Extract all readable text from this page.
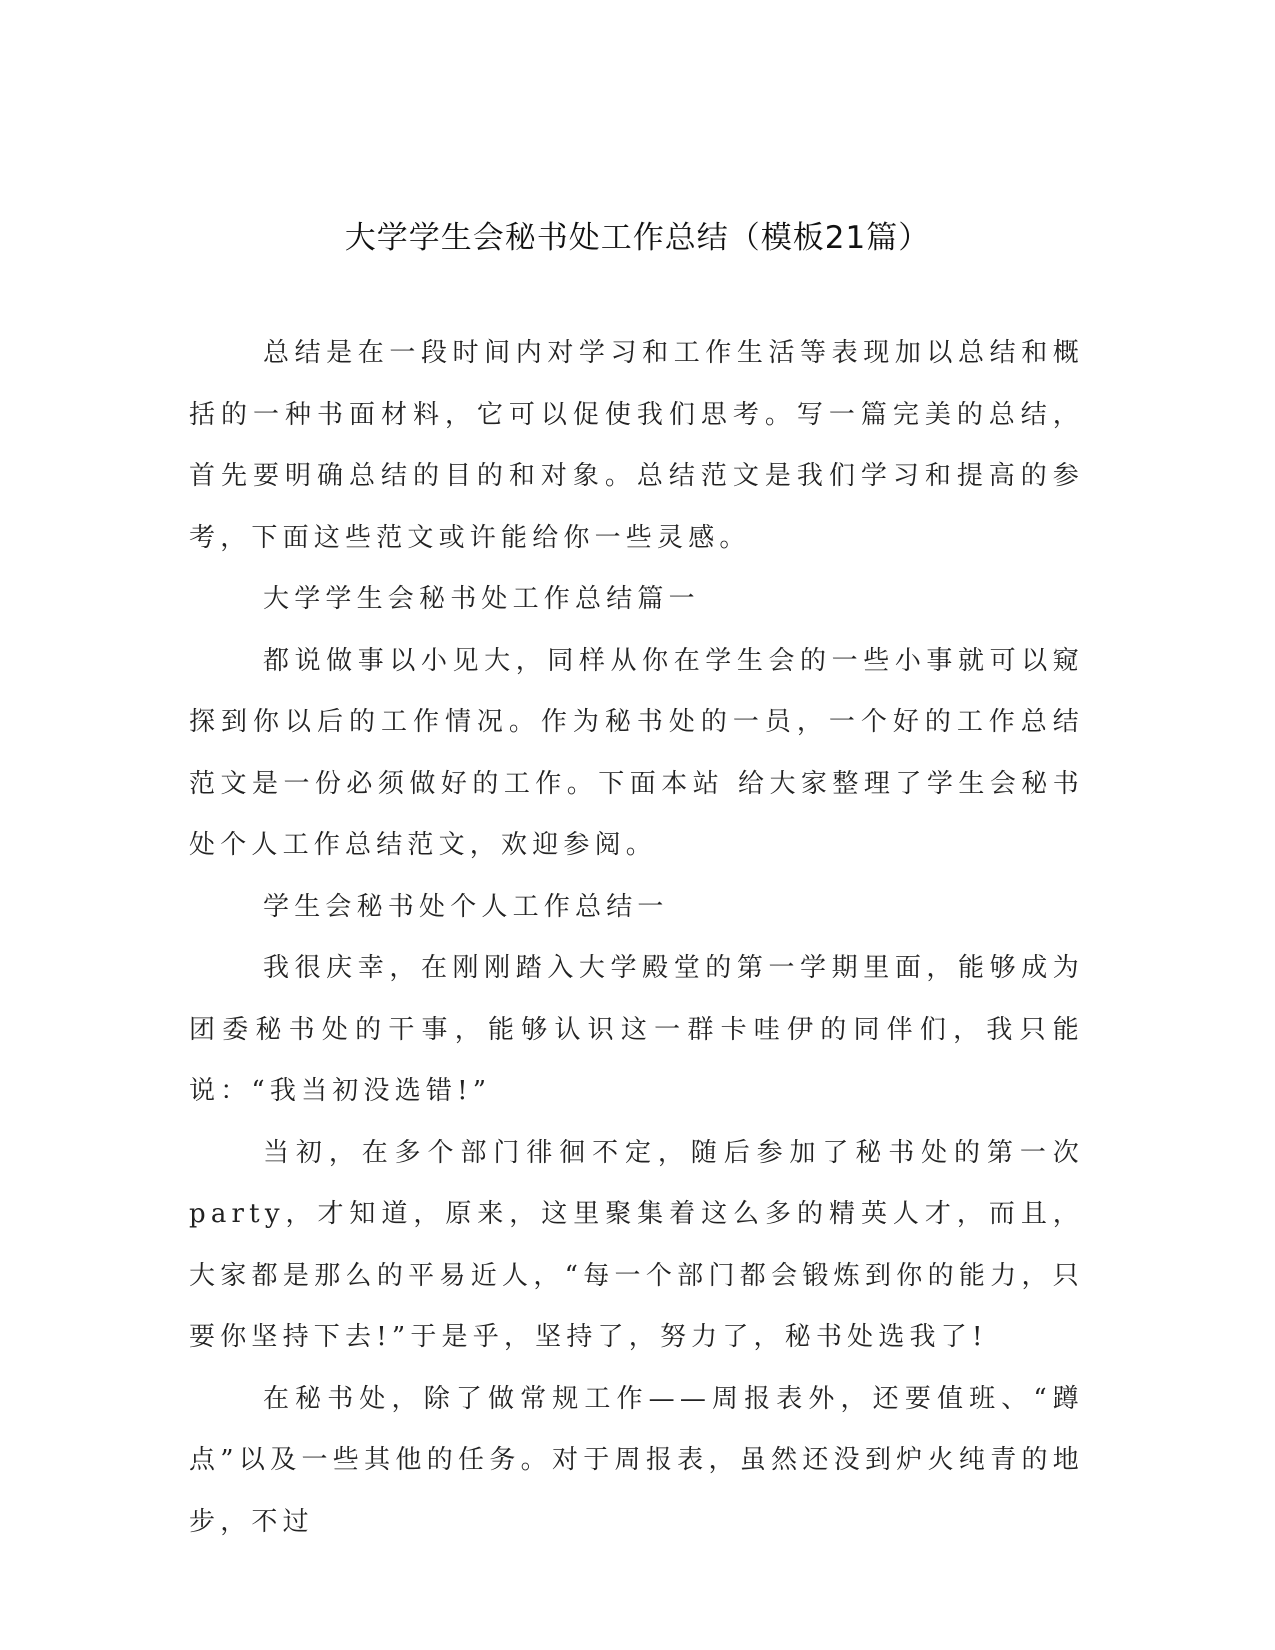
大学学生会秘书处工作总结（模板21篇）

总结是在一段时间内对学习和工作生活等表现加以总结和概括的一种书面材料，它可以促使我们思考。写一篇完美的总结，首先要明确总结的目的和对象。总结范文是我们学习和提高的参考，下面这些范文或许能给你一些灵感。

大学学生会秘书处工作总结篇一

都说做事以小见大，同样从你在学生会的一些小事就可以窥探到你以后的工作情况。作为秘书处的一员，一个好的工作总结范文是一份必须做好的工作。下面本站 给大家整理了学生会秘书处个人工作总结范文，欢迎参阅。

学生会秘书处个人工作总结一

我很庆幸，在刚刚踏入大学殿堂的第一学期里面，能够成为团委秘书处的干事，能够认识这一群卡哇伊的同伴们，我只能说：“我当初没选错!”

当初，在多个部门徘徊不定，随后参加了秘书处的第一次party，才知道，原来，这里聚集着这么多的精英人才，而且，大家都是那么的平易近人，“每一个部门都会锻炼到你的能力，只要你坚持下去!”于是乎，坚持了，努力了，秘书处选我了!

在秘书处，除了做常规工作——周报表外，还要值班、“蹲点”以及一些其他的任务。对于周报表，虽然还没到炉火纯青的地步，不过
